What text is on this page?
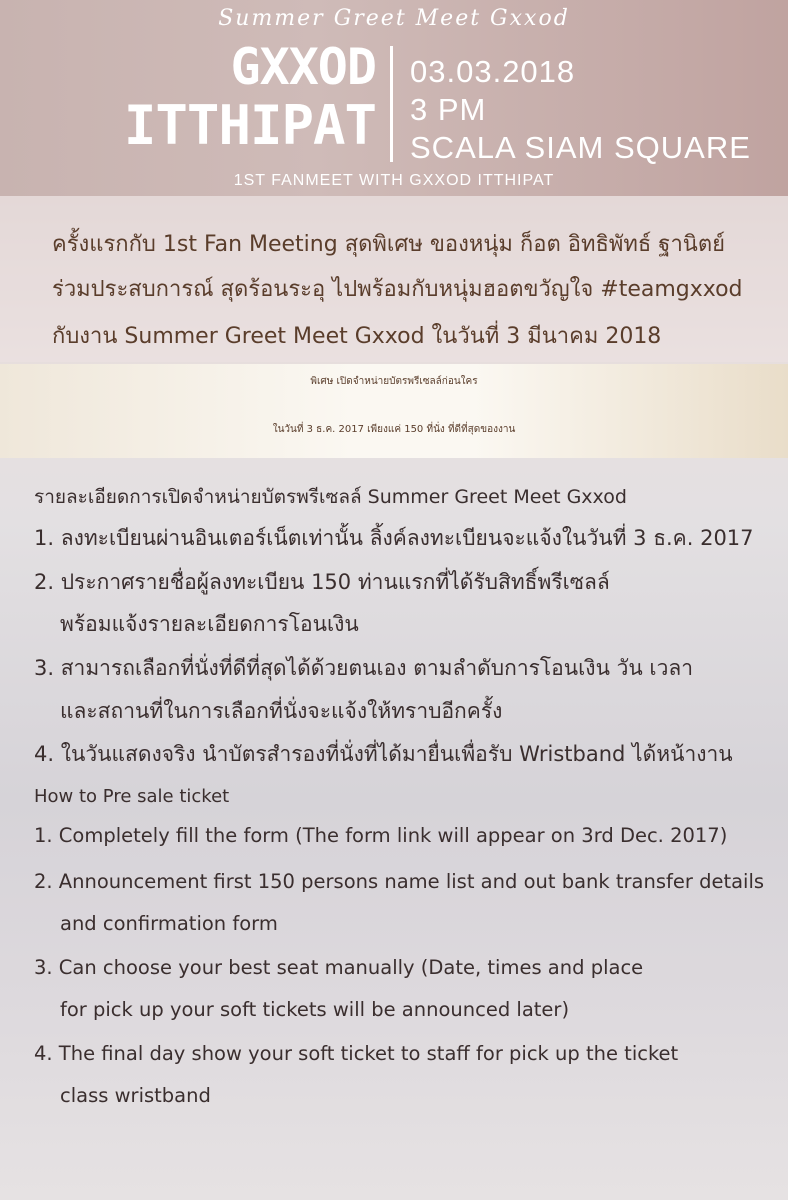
Summer Greet Meet Gxxod
GXXOD
ITTHIPAT
03.03.2018
3 PM
SCALA SIAM SQUARE
1ST FANMEET WITH GXXOD ITTHIPAT
ครั้งแรกกับ 1st Fan Meeting สุดพิเศษ ของหนุ่ม ก็อต อิทธิพัทธ์ ฐานิตย์
ร่วมประสบการณ์ สุดร้อนระอุ ไปพร้อมกับหนุ่มฮอตขวัญใจ #teamgxxod
กับงาน Summer Greet Meet Gxxod ในวันที่ 3 มีนาคม 2018
พิเศษ เปิดจำหน่ายบัตรพรีเซลล์ก่อนใคร
ในวันที่ 3 ธ.ค. 2017 เพียงแค่ 150 ที่นั่ง ที่ดีที่สุดของงาน
รายละเอียดการเปิดจำหน่ายบัตรพรีเซลล์ Summer Greet Meet Gxxod
1. ลงทะเบียนผ่านอินเตอร์เน็ตเท่านั้น ลิ้งค์ลงทะเบียนจะแจ้งในวันที่ 3 ธ.ค. 2017
2. ประกาศรายชื่อผู้ลงทะเบียน 150 ท่านแรกที่ได้รับสิทธิ์พรีเซลล์
พร้อมแจ้งรายละเอียดการโอนเงิน
3. สามารถเลือกที่นั่งที่ดีที่สุดได้ด้วยตนเอง ตามลำดับการโอนเงิน วัน เวลา
และสถานที่ในการเลือกที่นั่งจะแจ้งให้ทราบอีกครั้ง
4. ในวันแสดงจริง นำบัตรสำรองที่นั่งที่ได้มายื่นเพื่อรับ Wristband ได้หน้างาน
How to Pre sale ticket
1. Completely fill the form (The form link will appear on 3rd Dec. 2017)
2. Announcement first 150 persons name list and out bank transfer details
and confirmation form
3. Can choose your best seat manually (Date, times and place
for pick up your soft tickets will be announced later)
4. The final day show your soft ticket to staff for pick up the ticket
class wristband
